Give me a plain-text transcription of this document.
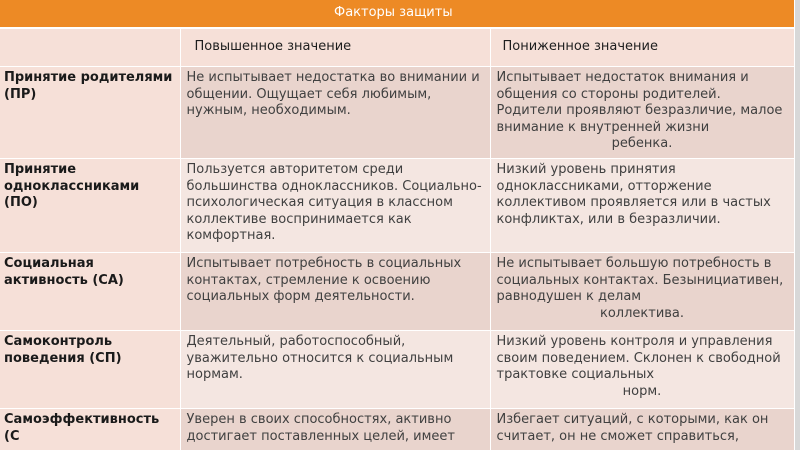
Факторы защиты		
	Повышенное значение	Пониженное значение
Принятие родителями (ПР)	Не испытывает недостатка во внимании и общении. Ощущает себя любимым, нужным, необходимым.	Испытывает недостаток внимания и общения со стороны родителей. Родители проявляют безразличие, малое внимание к внутренней жизни
ребенка.

Принятие одноклассниками (ПО)	Пользуется авторитетом среди большинства одноклассников. Социально-психологическая ситуация в классном коллективе воспринимается как комфортная.	Низкий уровень принятия одноклассниками, отторжение коллективом проявляется или в частых конфликтах, или в безразличии.

Социальная активность (СА)	Испытывает потребность в социальных контактах, стремление к освоению социальных форм деятельности.	Не испытывает большую потребность в социальных контактах. Безынициативен, равнодушен к делам
коллектива.

Самоконтроль поведения (СП)	Деятельный, работоспособный, уважительно относится к социальным нормам.	Низкий уровень контроля и управления своим поведением. Склонен к свободной трактовке социальных
норм.

Самоэффективность (С	Уверен в своих способностях, активно достигает поставленных целей, имеет	Избегает ситуаций, с которыми, как он считает, он не сможет справиться,
